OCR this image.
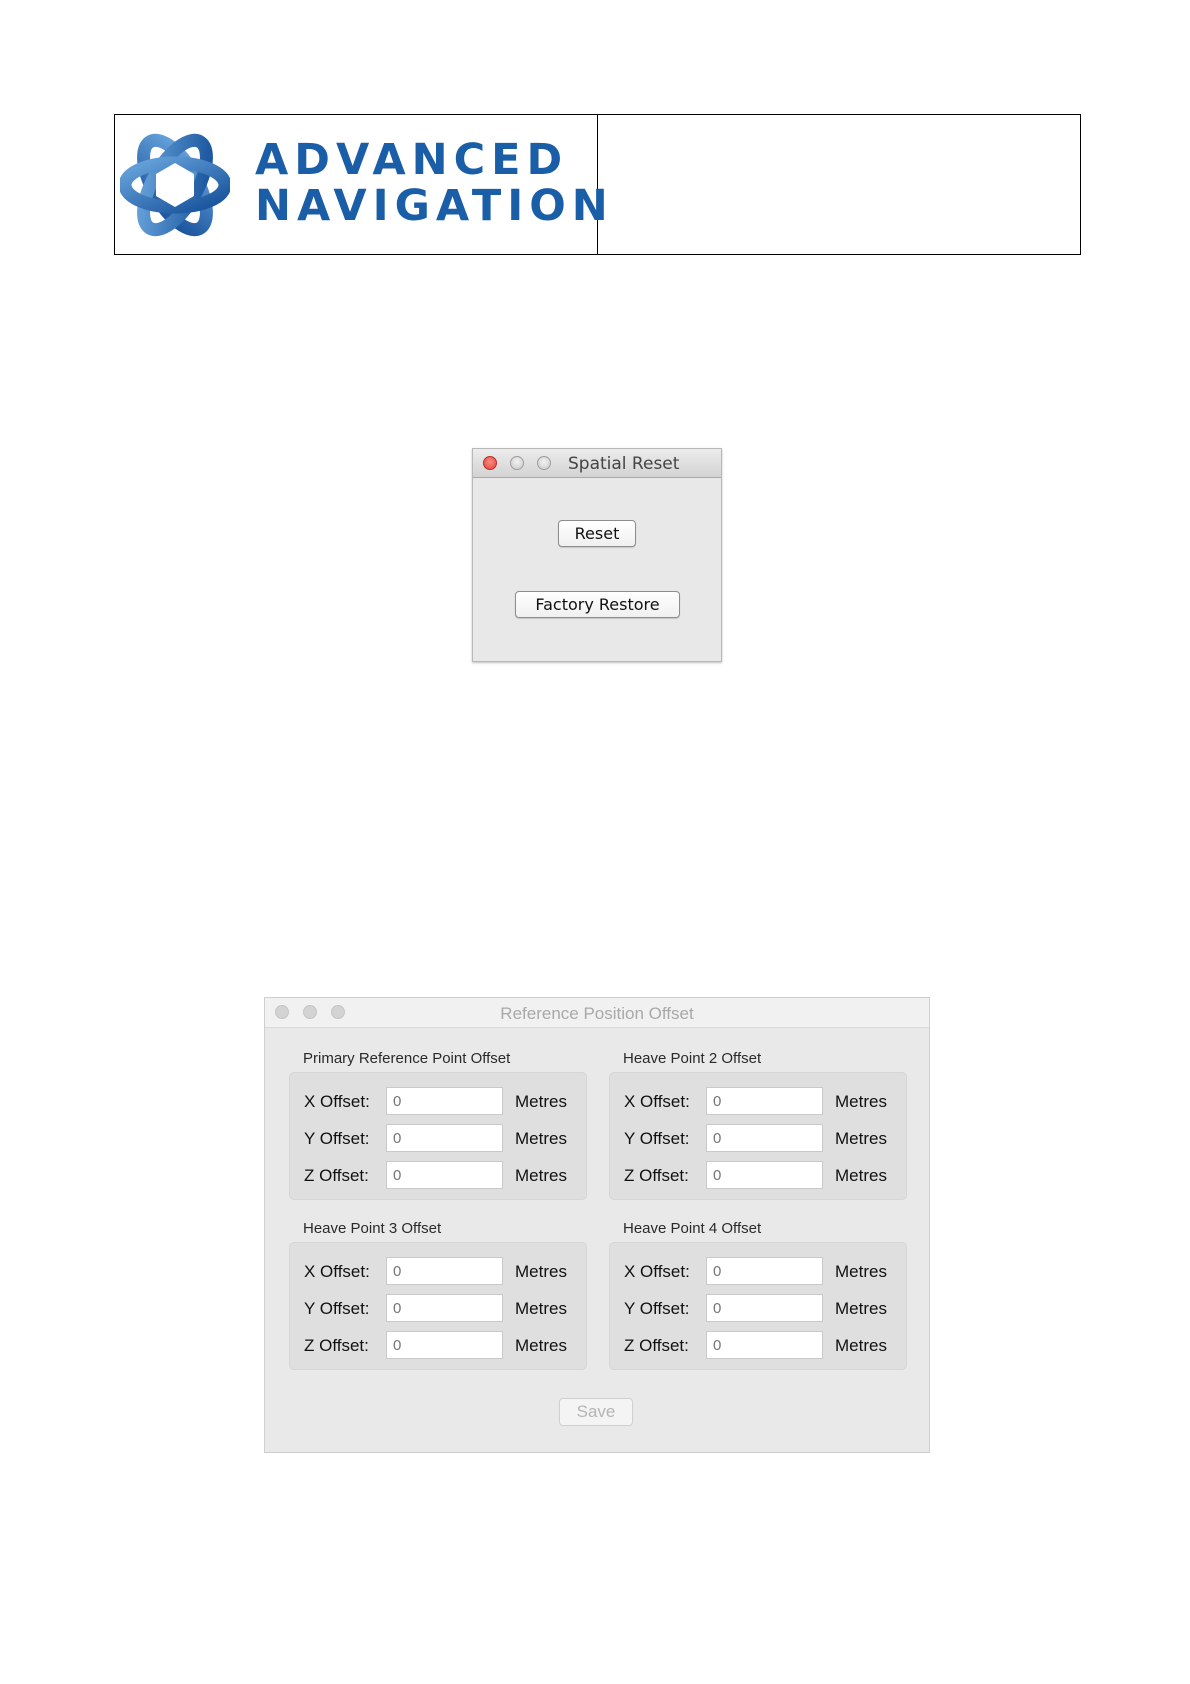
ADVANCED
NAVIGATION
Spatial Reset
Reset
Factory Restore
Reference Position Offset
Primary Reference Point Offset
X Offset:
0	Metres
Y Offset:
0	Metres
Z Offset:
0	Metres
Heave Point 2 Offset
X Offset:
0	Metres
Y Offset:
0	Metres
Z Offset:
0	Metres
Heave Point 3 Offset
X Offset:
0	Metres
Y Offset:
0	Metres
Z Offset:
0	Metres
Heave Point 4 Offset
X Offset:
0	Metres
Y Offset:
0	Metres
Z Offset:
0	Metres
Save
